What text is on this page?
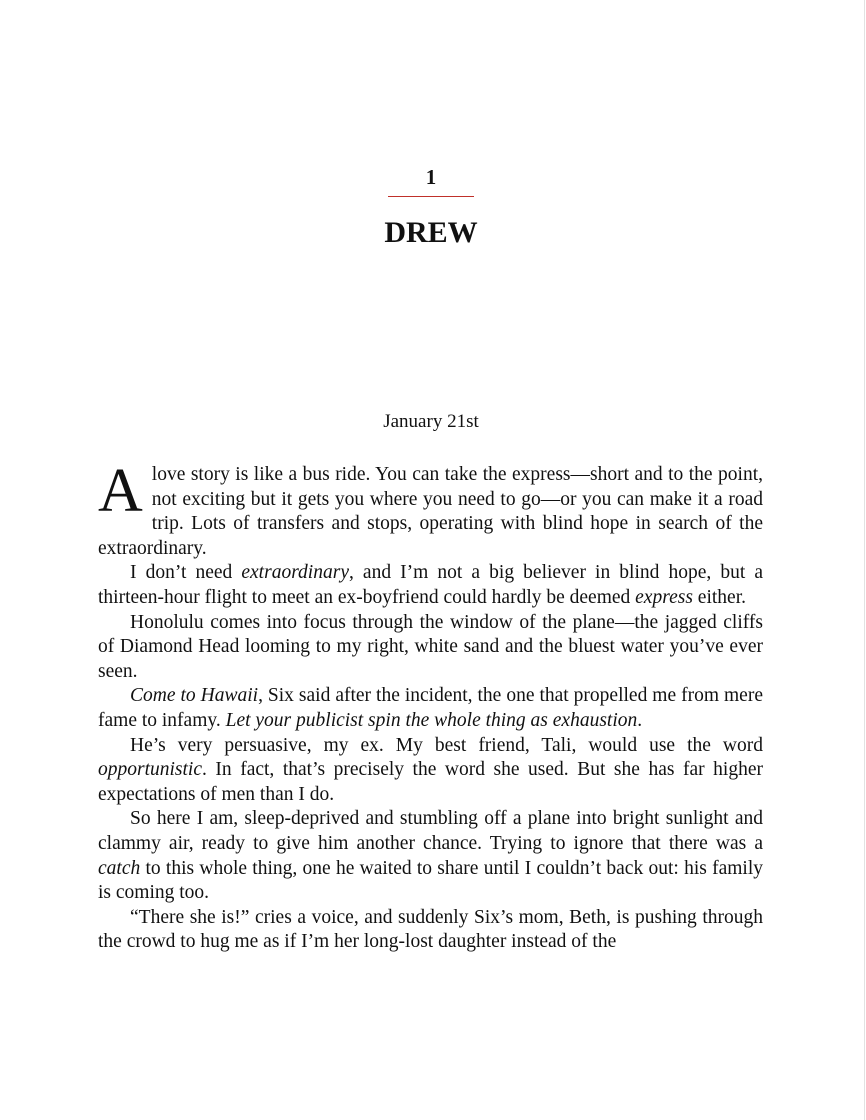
1
DREW
January 21st

A love story is like a bus ride. You can take the express—short and to the point, not exciting but it gets you where you need to go—or you can make it a road trip. Lots of transfers and stops, operating with blind hope in search of the extraordinary.

I don’t need extraordinary, and I’m not a big believer in blind hope, but a thirteen-hour flight to meet an ex-boyfriend could hardly be deemed express either.

Honolulu comes into focus through the window of the plane—the jagged cliffs of Diamond Head looming to my right, white sand and the bluest water you’ve ever seen.

Come to Hawaii, Six said after the incident, the one that propelled me from mere fame to infamy. Let your publicist spin the whole thing as exhaustion.

He’s very persuasive, my ex. My best friend, Tali, would use the word opportunistic. In fact, that’s precisely the word she used. But she has far higher expectations of men than I do.

So here I am, sleep-deprived and stumbling off a plane into bright sunlight and clammy air, ready to give him another chance. Trying to ignore that there was a catch to this whole thing, one he waited to share until I couldn’t back out: his family is coming too.

“There she is!” cries a voice, and suddenly Six’s mom, Beth, is pushing through the crowd to hug me as if I’m her long-lost daughter instead of the
